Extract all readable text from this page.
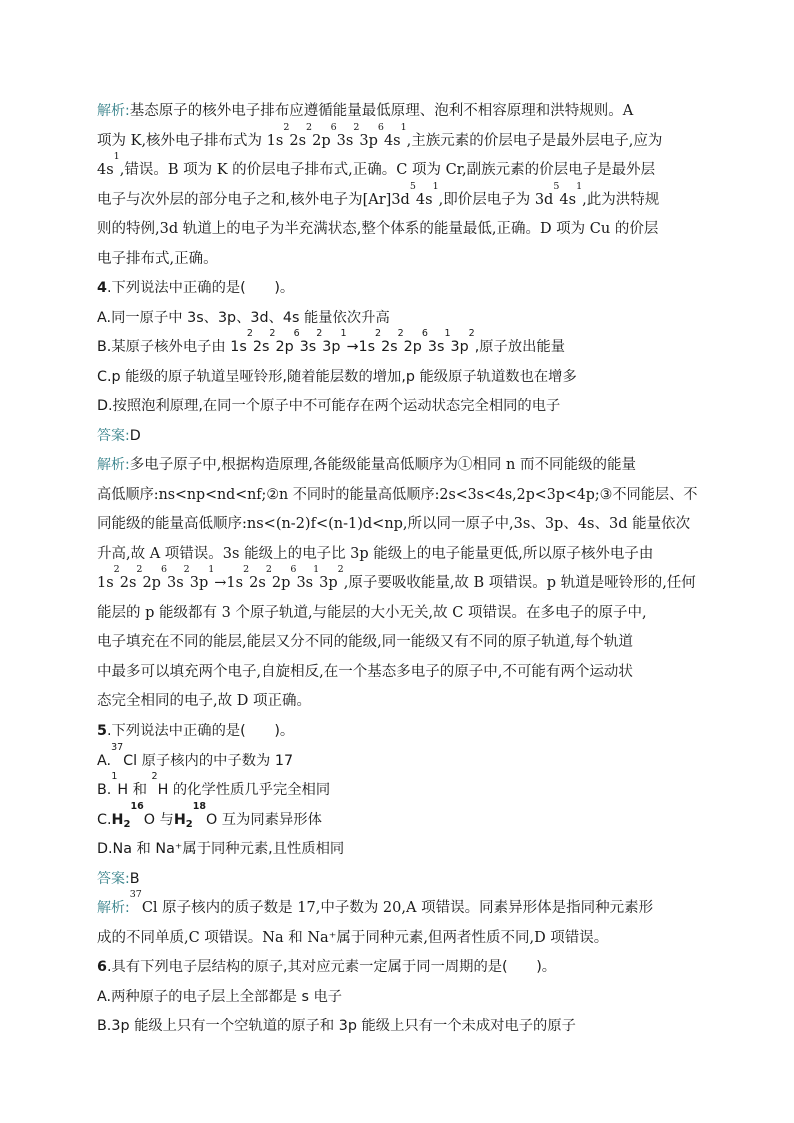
解析:基态原子的核外电子排布应遵循能量最低原理、泡利不相容原理和洪特规则。A
项为 K,核外电子排布式为 $1s^22s^22p^63s^23p^64s^1$,主族元素的价层电子是最外层电子,应为
$4s^1$,错误。B 项为 K 的价层电子排布式,正确。C 项为 Cr,副族元素的价层电子是最外层
电子与次外层的部分电子之和,核外电子为$[Ar]3d^54s^1$,即价层电子为 $3d^54s^1$,此为洪特规
则的特例,3d 轨道上的电子为半充满状态,整个体系的能量最低,正确。D 项为 Cu 的价层
电子排布式,正确。
4.下列说法中正确的是(　　)。
A.同一原子中 3s、3p、3d、4s 能量依次升高
B.某原子核外电子由 $1s^22s^22p^63s^23p^1\to 1s^22s^22p^63s^13p^2$,原子放出能量
C.p 能级的原子轨道呈哑铃形,随着能层数的增加,p 能级原子轨道数也在增多
D.按照泡利原理,在同一个原子中不可能存在两个运动状态完全相同的电子
答案:D
解析:多电子原子中,根据构造原理,各能级能量高低顺序为①相同 n 而不同能级的能量
高低顺序:ns<np<nd<nf;②n 不同时的能量高低顺序:2s<3s<4s,2p<3p<4p;③不同能层、不
同能级的能量高低顺序:ns<(n-2)f<(n-1)d<np,所以同一原子中,3s、3p、4s、3d 能量依次
升高,故 A 项错误。3s 能级上的电子比 3p 能级上的电子能量更低,所以原子核外电子由
$1s^22s^22p^63s^23p^1\to 1s^22s^22p^63s^13p^2$,原子要吸收能量,故 B 项错误。p 轨道是哑铃形的,任何
能层的 p 能级都有 3 个原子轨道,与能层的大小无关,故 C 项错误。在多电子的原子中,
电子填充在不同的能层,能层又分不同的能级,同一能级又有不同的原子轨道,每个轨道
中最多可以填充两个电子,自旋相反,在一个基态多电子的原子中,不可能有两个运动状
态完全相同的电子,故 D 项正确。
5.下列说法中正确的是(　　)。
A.$^{37}$Cl 原子核内的中子数为 17
B.$^1$H 和 $^2$H 的化学性质几乎完全相同
$C.H_2^{16}O$ 与$H_2^{18}O$ 互为同素异形体
D.Na 和 Na⁺属于同种元素,且性质相同
答案:B
解析:$^{37}$Cl 原子核内的质子数是 17,中子数为 20,A 项错误。同素异形体是指同种元素形
成的不同单质,C 项错误。Na 和 Na⁺属于同种元素,但两者性质不同,D 项错误。
6.具有下列电子层结构的原子,其对应元素一定属于同一周期的是(　　)。
A.两种原子的电子层上全部都是 s 电子
B.3p 能级上只有一个空轨道的原子和 3p 能级上只有一个未成对电子的原子
